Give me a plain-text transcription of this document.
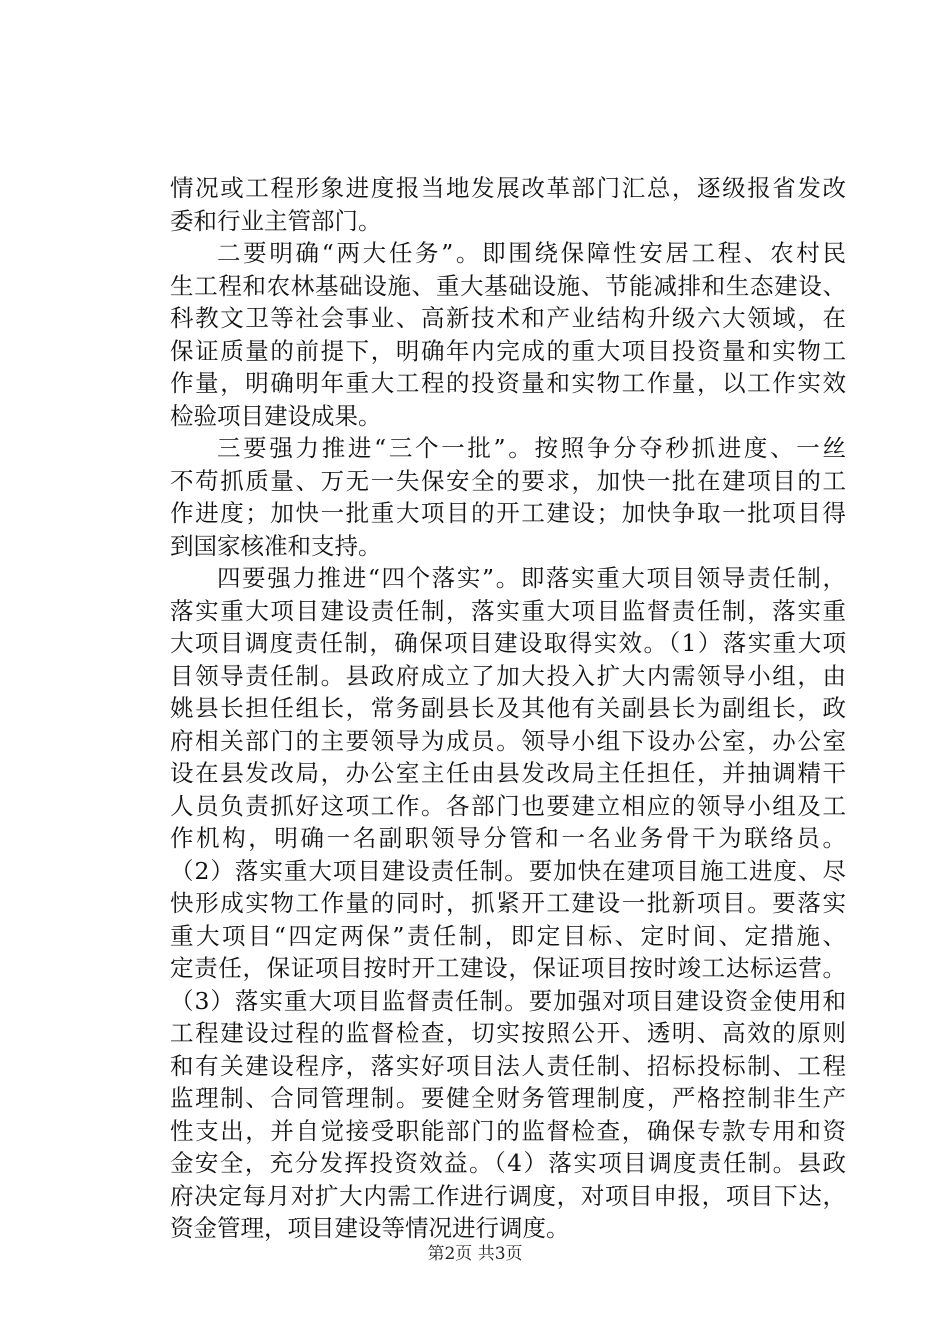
情况或工程形象进度报当地发展改革部门汇总，逐级报省发改
委和行业主管部门。
二要明确“两大任务”。即围绕保障性安居工程、农村民
生工程和农林基础设施、重大基础设施、节能减排和生态建设、
科教文卫等社会事业、高新技术和产业结构升级六大领域，在
保证质量的前提下，明确年内完成的重大项目投资量和实物工
作量，明确明年重大工程的投资量和实物工作量，以工作实效
检验项目建设成果。
三要强力推进“三个一批”。按照争分夺秒抓进度、一丝
不苟抓质量、万无一失保安全的要求，加快一批在建项目的工
作进度；加快一批重大项目的开工建设；加快争取一批项目得
到国家核准和支持。
四要强力推进“四个落实”。即落实重大项目领导责任制，
落实重大项目建设责任制，落实重大项目监督责任制，落实重
大项目调度责任制，确保项目建设取得实效。（1）落实重大项
目领导责任制。县政府成立了加大投入扩大内需领导小组，由
姚县长担任组长，常务副县长及其他有关副县长为副组长，政
府相关部门的主要领导为成员。领导小组下设办公室，办公室
设在县发改局，办公室主任由县发改局主任担任，并抽调精干
人员负责抓好这项工作。各部门也要建立相应的领导小组及工
作机构，明确一名副职领导分管和一名业务骨干为联络员。
（2）落实重大项目建设责任制。要加快在建项目施工进度、尽
快形成实物工作量的同时，抓紧开工建设一批新项目。要落实
重大项目“四定两保”责任制，即定目标、定时间、定措施、
定责任，保证项目按时开工建设，保证项目按时竣工达标运营。
（3）落实重大项目监督责任制。要加强对项目建设资金使用和
工程建设过程的监督检查，切实按照公开、透明、高效的原则
和有关建设程序，落实好项目法人责任制、招标投标制、工程
监理制、合同管理制。要健全财务管理制度，严格控制非生产
性支出，并自觉接受职能部门的监督检查，确保专款专用和资
金安全，充分发挥投资效益。（4）落实项目调度责任制。县政
府决定每月对扩大内需工作进行调度，对项目申报，项目下达，
资金管理，项目建设等情况进行调度。
第2页 共3页
